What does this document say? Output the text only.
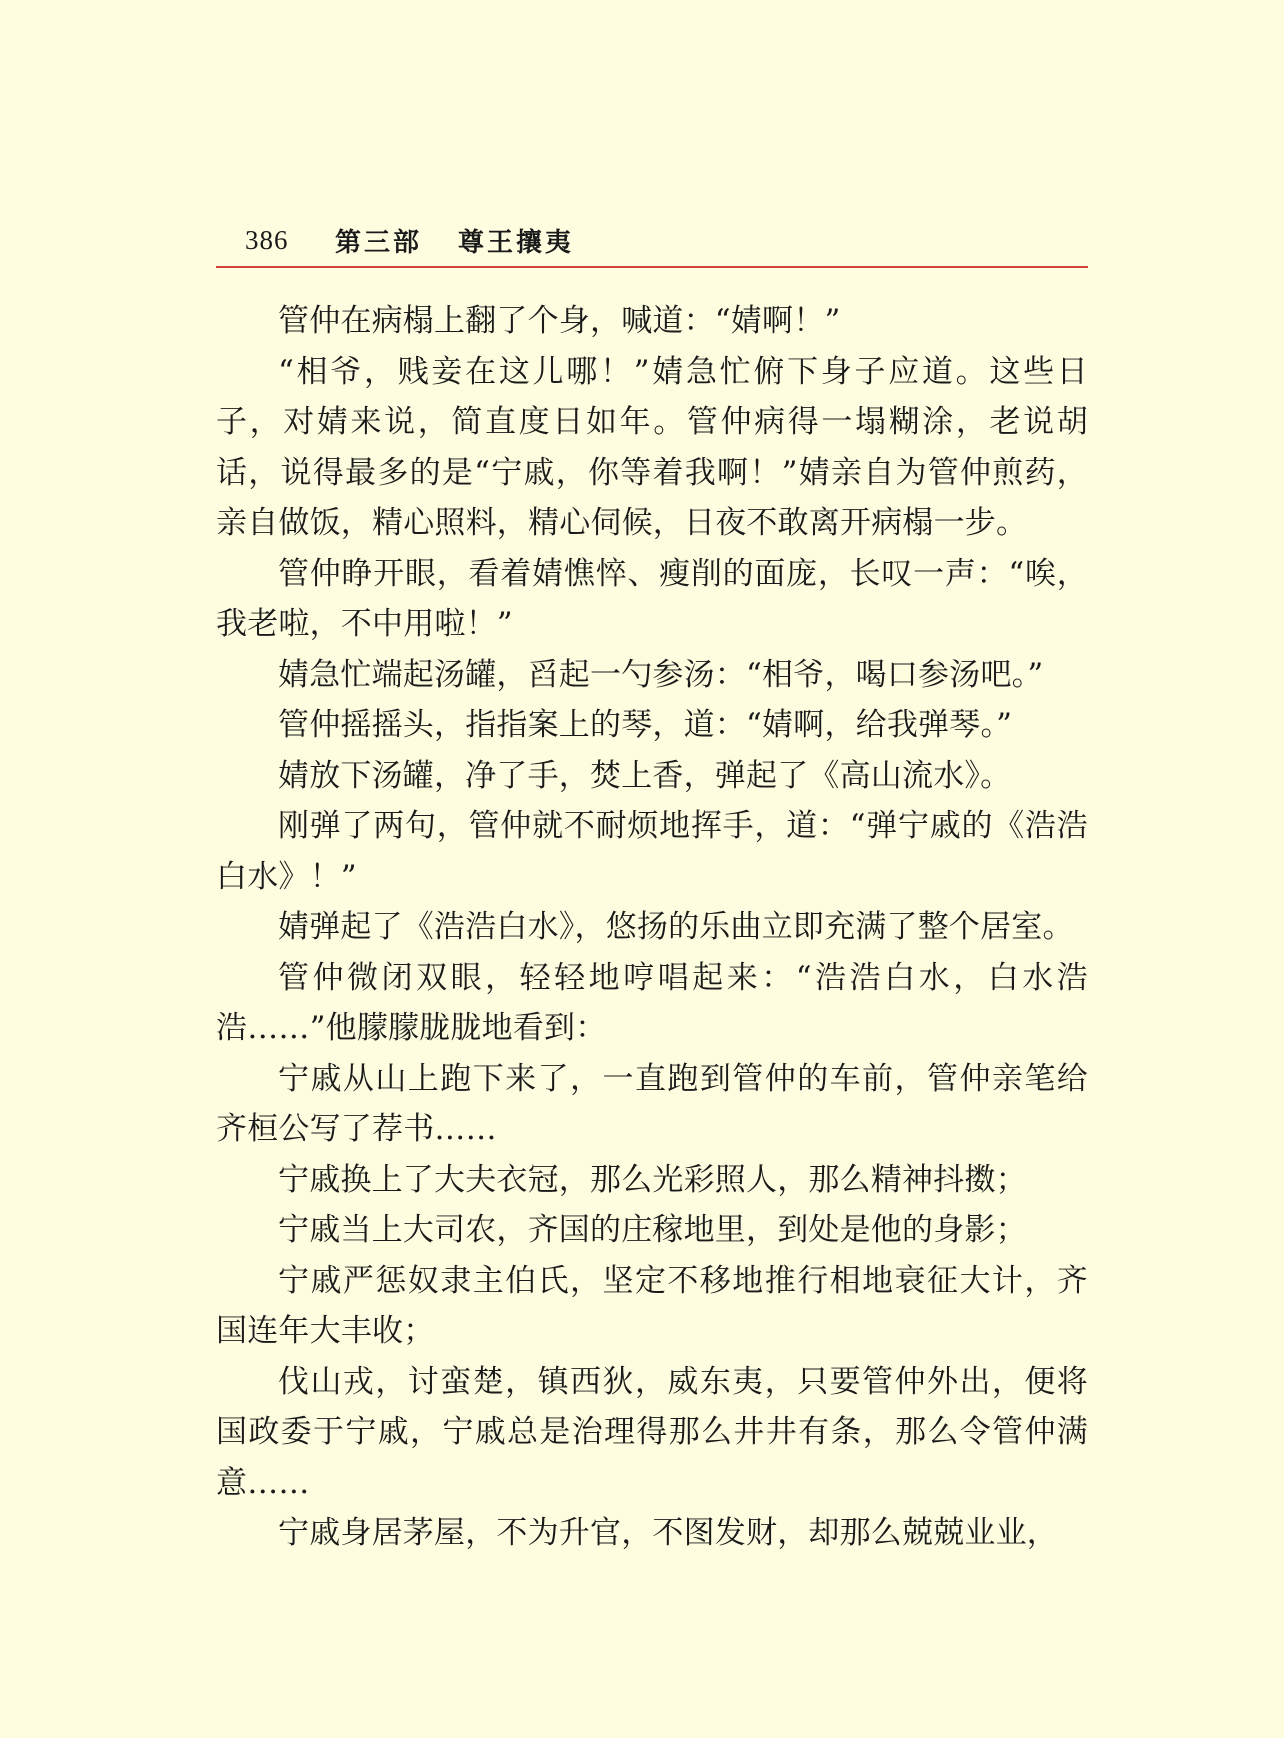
386	第三部 尊王攘夷

管仲在病榻上翻了个身，喊道：“婧啊！”

“相爷，贱妾在这儿哪！”婧急忙俯下身子应道。这些日子，对婧来说，简直度日如年。管仲病得一塌糊涂，老说胡话，说得最多的是“宁戚，你等着我啊！”婧亲自为管仲煎药，亲自做饭，精心照料，精心伺候，日夜不敢离开病榻一步。

管仲睁开眼，看着婧憔悴、瘦削的面庞，长叹一声：“唉，我老啦，不中用啦！”

婧急忙端起汤罐，舀起一勺参汤：“相爷，喝口参汤吧。”

管仲摇摇头，指指案上的琴，道：“婧啊，给我弹琴。”

婧放下汤罐，净了手，焚上香，弹起了《高山流水》。

刚弹了两句，管仲就不耐烦地挥手，道：“弹宁戚的《浩浩白水》！”

婧弹起了《浩浩白水》，悠扬的乐曲立即充满了整个居室。

管仲微闭双眼，轻轻地哼唱起来：“浩浩白水，白水浩浩……”他朦朦胧胧地看到：

宁戚从山上跑下来了，一直跑到管仲的车前，管仲亲笔给齐桓公写了荐书……

宁戚换上了大夫衣冠，那么光彩照人，那么精神抖擞；

宁戚当上大司农，齐国的庄稼地里，到处是他的身影；

宁戚严惩奴隶主伯氏，坚定不移地推行相地衰征大计，齐国连年大丰收；

伐山戎，讨蛮楚，镇西狄，威东夷，只要管仲外出，便将国政委于宁戚，宁戚总是治理得那么井井有条，那么令管仲满意……

宁戚身居茅屋，不为升官，不图发财，却那么兢兢业业，
